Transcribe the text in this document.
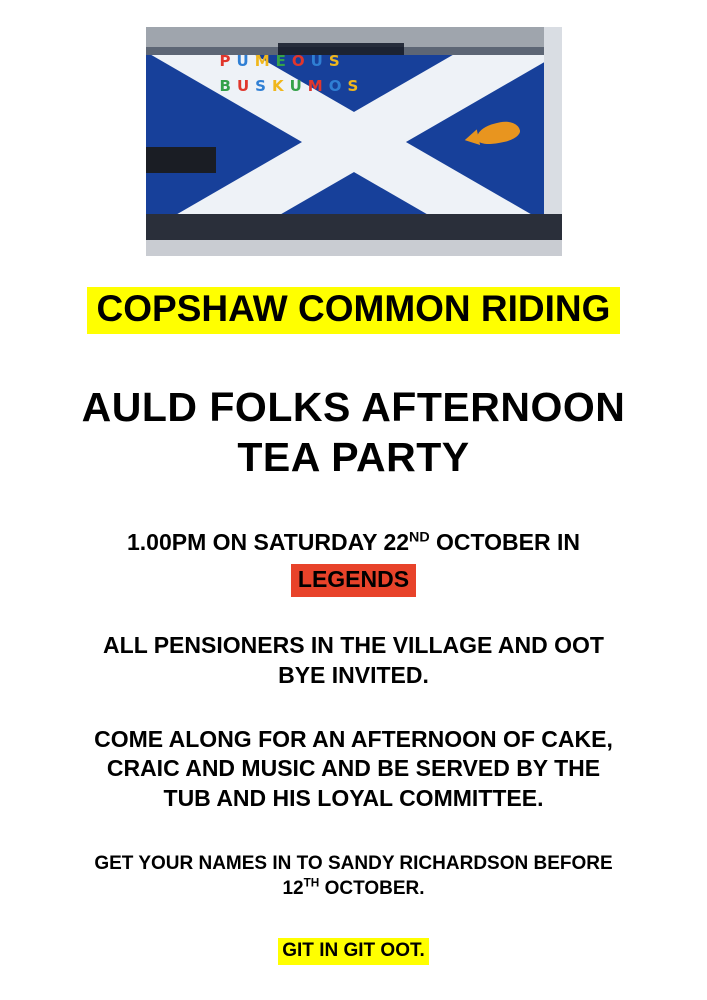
P U M E O U S
B U S K U M O S
COPSHAW COMMON RIDING
AULD FOLKS AFTERNOON
TEA PARTY
1.00PM ON SATURDAY 22ND OCTOBER IN
LEGENDS
ALL PENSIONERS IN THE VILLAGE AND OOT
BYE INVITED.
COME ALONG FOR AN AFTERNOON OF CAKE,
CRAIC AND MUSIC AND BE SERVED BY THE
TUB AND HIS LOYAL COMMITTEE.
GET YOUR NAMES IN TO SANDY RICHARDSON BEFORE
12TH OCTOBER.
GIT IN GIT OOT.
